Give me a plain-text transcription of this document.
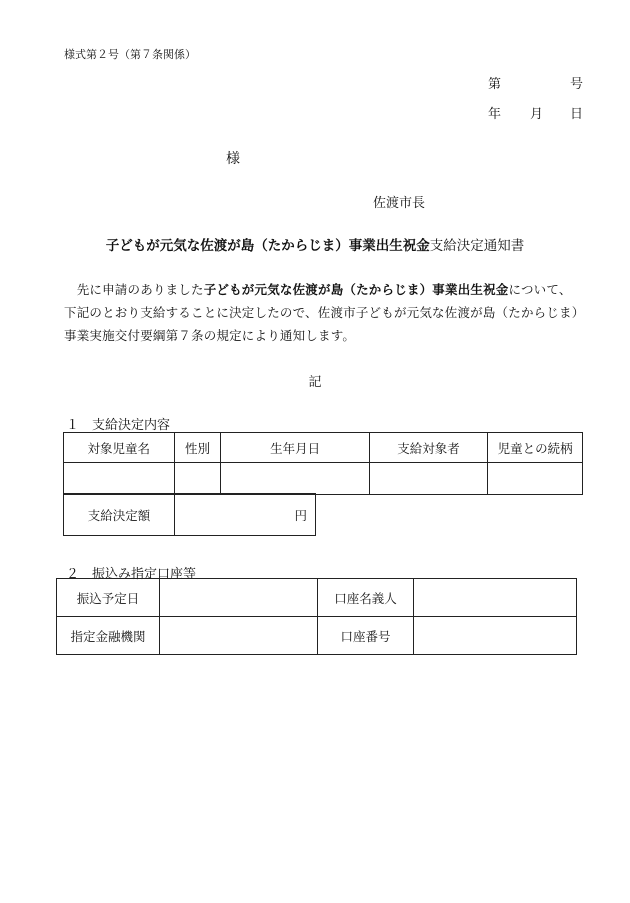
様式第２号（第７条関係）
第	号
年 月 日
様
佐渡市長
子どもが元気な佐渡が島（たからじま）事業出生祝金支給決定通知書
　先に申請のありました子どもが元気な佐渡が島（たからじま）事業出生祝金について、下記のとおり支給することに決定したので、佐渡市子どもが元気な佐渡が島（たからじま）事業実施交付要綱第７条の規定により通知します。
記
１　支給決定内容
対象児童名	性別	生年月日	支給対象者	児童との続柄

支給決定額	円
２　振込み指定口座等
振込予定日		口座名義人	
指定金融機関		口座番号	
